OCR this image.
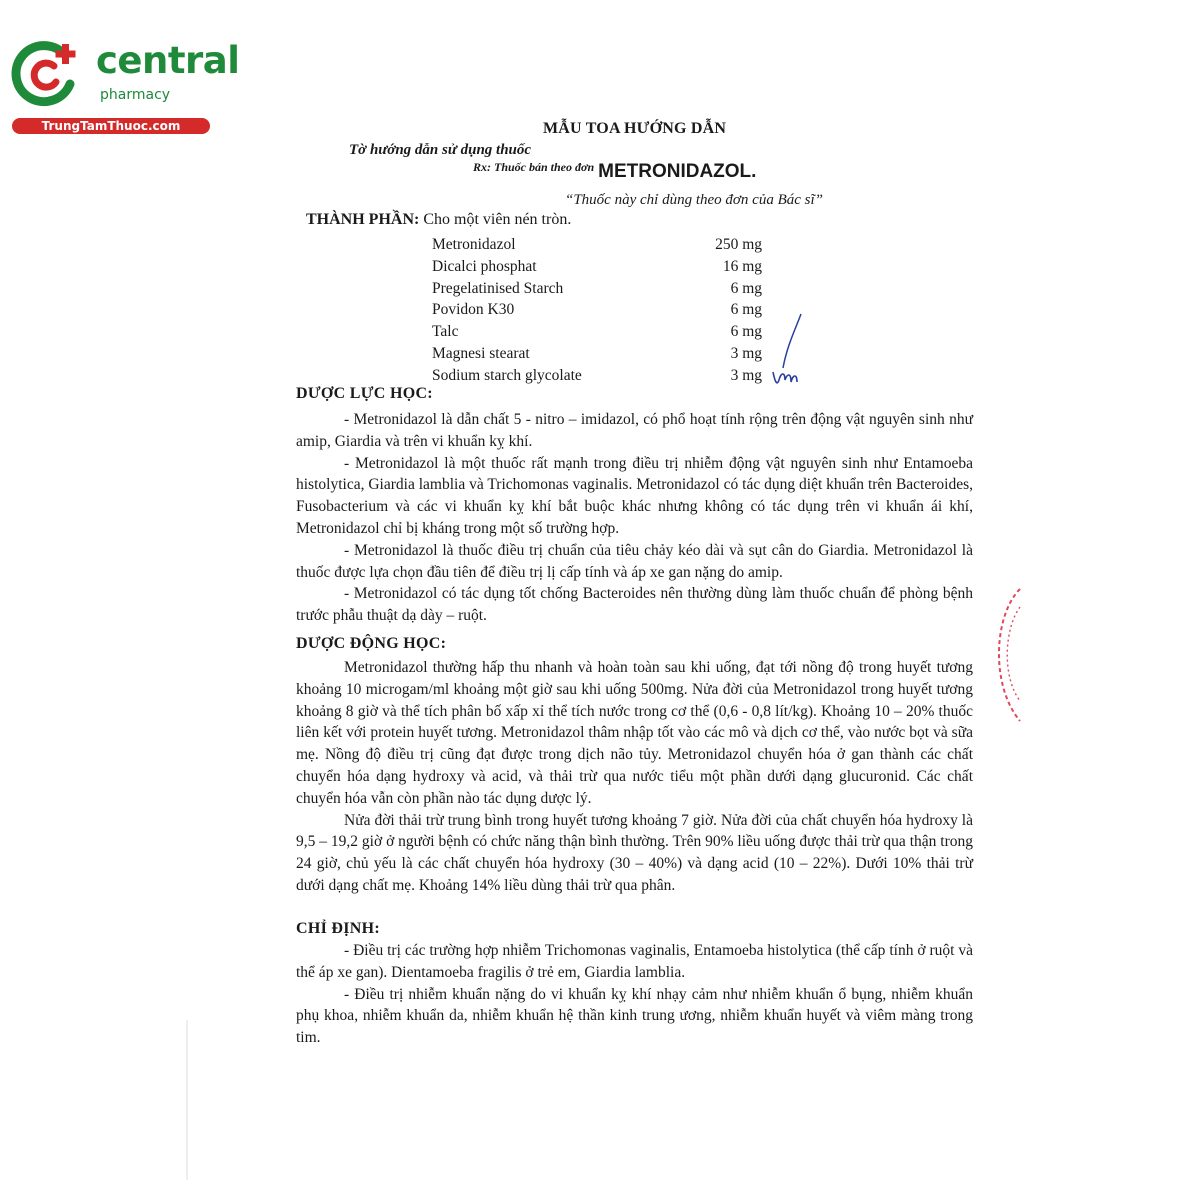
central
pharmacy
TrungTamThuoc.com	MẪU TOA HƯỚNG DẪN
Tờ hướng dẫn sử dụng thuốc
$^{Rx: Thuốc bán theo đơn}$ METRONIDAZOL.
“Thuốc này chỉ dùng theo đơn của Bác sĩ”
THÀNH PHẦN: Cho một viên nén tròn.
Metronidazol	250 mg
Dicalci phosphat	16 mg
Pregelatinised Starch	6 mg
Povidon K30	6 mg
Talc	6 mg
Magnesi stearat	3 mg
Sodium starch glycolate	3 mg
DƯỢC LỰC HỌC:

- Metronidazol là dẫn chất 5 - nitro – imidazol, có phổ hoạt tính rộng trên động vật nguyên sinh như amip, Giardia và trên vi khuẩn kỵ khí.

- Metronidazol là một thuốc rất mạnh trong điều trị nhiễm động vật nguyên sinh như Entamoeba histolytica, Giardia lamblia và Trichomonas vaginalis. Metronidazol có tác dụng diệt khuẩn trên Bacteroides, Fusobacterium và các vi khuẩn kỵ khí bắt buộc khác nhưng không có tác dụng trên vi khuẩn ái khí, Metronidazol chỉ bị kháng trong một số trường hợp.

- Metronidazol là thuốc điều trị chuẩn của tiêu chảy kéo dài và sụt cân do Giardia. Metronidazol là thuốc được lựa chọn đầu tiên để điều trị lị cấp tính và áp xe gan nặng do amip.

- Metronidazol có tác dụng tốt chống Bacteroides nên thường dùng làm thuốc chuẩn để phòng bệnh trước phẫu thuật dạ dày – ruột.

DƯỢC ĐỘNG HỌC:

Metronidazol thường hấp thu nhanh và hoàn toàn sau khi uống, đạt tới nồng độ trong huyết tương khoảng 10 microgam/ml khoảng một giờ sau khi uống 500mg. Nửa đời của Metronidazol trong huyết tương khoảng 8 giờ và thể tích phân bố xấp xỉ thể tích nước trong cơ thể (0,6 - 0,8 lít/kg). Khoảng 10 – 20% thuốc liên kết với protein huyết tương. Metronidazol thâm nhập tốt vào các mô và dịch cơ thể, vào nước bọt và sữa mẹ. Nồng độ điều trị cũng đạt được trong dịch não tủy. Metronidazol chuyển hóa ở gan thành các chất chuyển hóa dạng hydroxy và acid, và thải trừ qua nước tiểu một phần dưới dạng glucuronid. Các chất chuyển hóa vẫn còn phần nào tác dụng dược lý.

Nửa đời thải trừ trung bình trong huyết tương khoảng 7 giờ. Nửa đời của chất chuyển hóa hydroxy là 9,5 – 19,2 giờ ở người bệnh có chức năng thận bình thường. Trên 90% liều uống được thải trừ qua thận trong 24 giờ, chủ yếu là các chất chuyển hóa hydroxy (30 – 40%) và dạng acid (10 – 22%). Dưới 10% thải trừ dưới dạng chất mẹ. Khoảng 14% liều dùng thải trừ qua phân.

CHỈ ĐỊNH:

- Điều trị các trường hợp nhiễm Trichomonas vaginalis, Entamoeba histolytica (thể cấp tính ở ruột và thể áp xe gan). Dientamoeba fragilis ở trẻ em, Giardia lamblia.

- Điều trị nhiễm khuẩn nặng do vi khuẩn kỵ khí nhạy cảm như nhiễm khuẩn ổ bụng, nhiễm khuẩn phụ khoa, nhiễm khuẩn da, nhiễm khuẩn hệ thần kinh trung ương, nhiễm khuẩn huyết và viêm màng trong tim.
